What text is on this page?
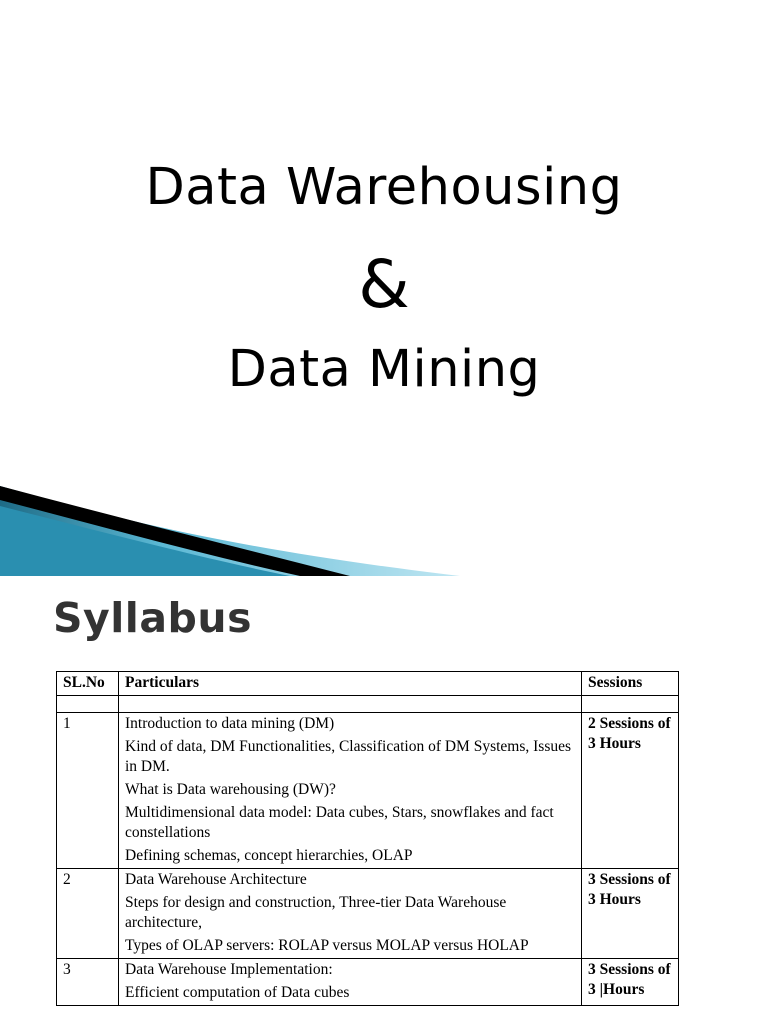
Data Warehousing
&
Data Mining
Syllabus
SL.No	Particulars	Sessions

1	Introduction to data mining (DM)
Kind of data, DM Functionalities, Classification of DM Systems, Issues in DM.
What is Data warehousing (DW)?
Multidimensional data model: Data cubes, Stars, snowflakes and fact constellations
Defining schemas, concept hierarchies, OLAP	2 Sessions of 3 Hours
2	Data Warehouse Architecture
Steps for design and construction, Three-tier Data Warehouse architecture,
Types of OLAP servers: ROLAP versus MOLAP versus HOLAP	3 Sessions of 3 Hours
3	Data Warehouse Implementation:
Efficient computation of Data cubes	3 Sessions of 3 |Hours
